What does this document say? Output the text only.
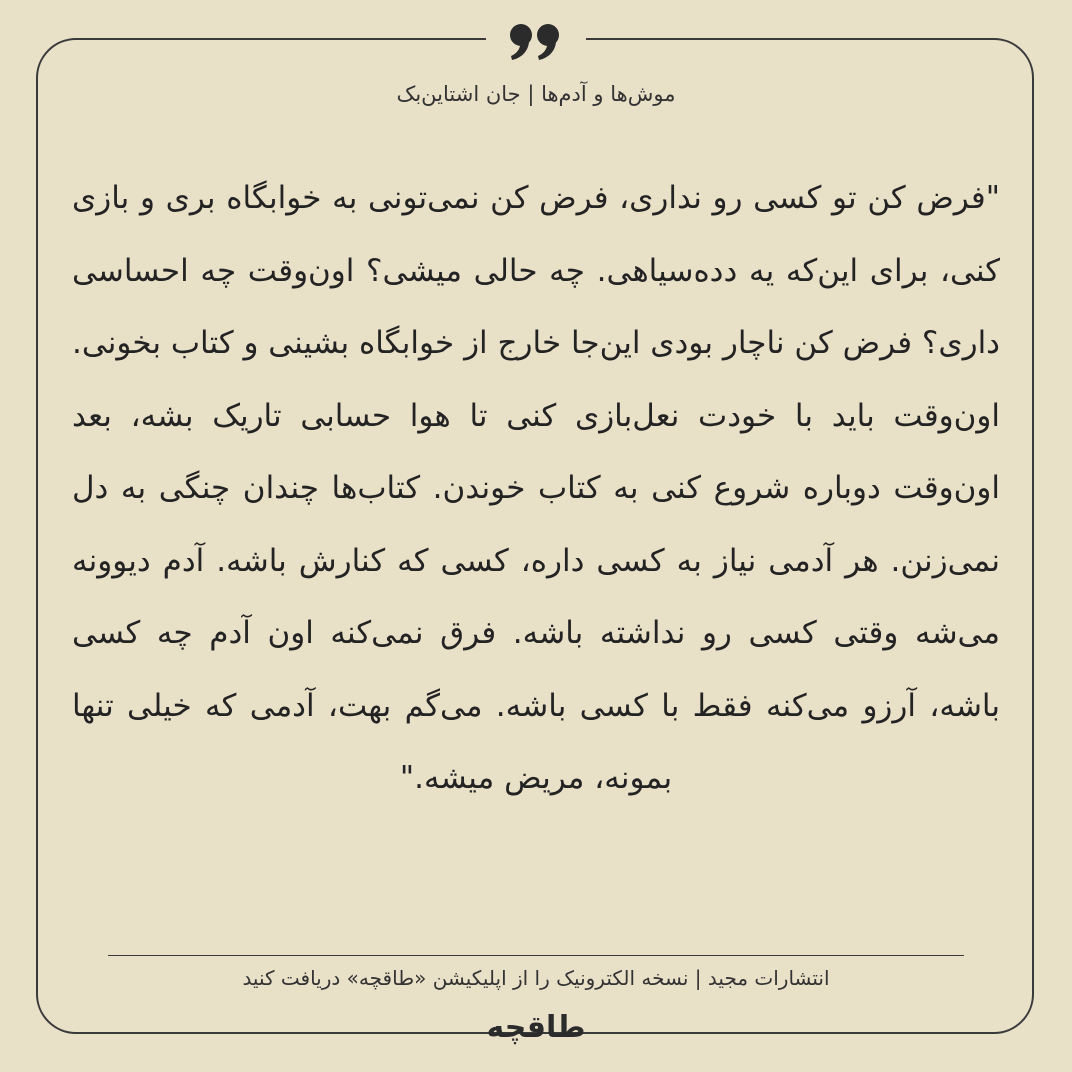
موش‌ها و آدم‌ها | جان اشتاین‌بک
"فرض کن تو کسی رو نداری، فرض کن نمی‌تونی به خوابگاه بری و بازی کنی، برای این‌که یه دده‌سیاهی. چه حالی میشی؟ اون‌وقت چه احساسی داری؟ فرض کن ناچار بودی این‌جا خارج از خوابگاه بشینی و کتاب بخونی. اون‌وقت باید با خودت نعل‌بازی کنی تا هوا حسابی تاریک بشه، بعد اون‌وقت دوباره شروع کنی به کتاب خوندن. کتاب‌ها چندان چنگی به دل نمی‌زنن. هر آدمی نیاز به کسی داره، کسی که کنارش باشه. آدم دیوونه می‌شه وقتی کسی رو نداشته باشه. فرق نمی‌کنه اون آدم چه کسی باشه، آرزو می‌کنه فقط با کسی باشه. می‌گم بهت، آدمی که خیلی تنها بمونه، مریض میشه."
انتشارات مجید | نسخه الکترونیک را از اپلیکیشن «طاقچه» دریافت کنید
طاقچه
